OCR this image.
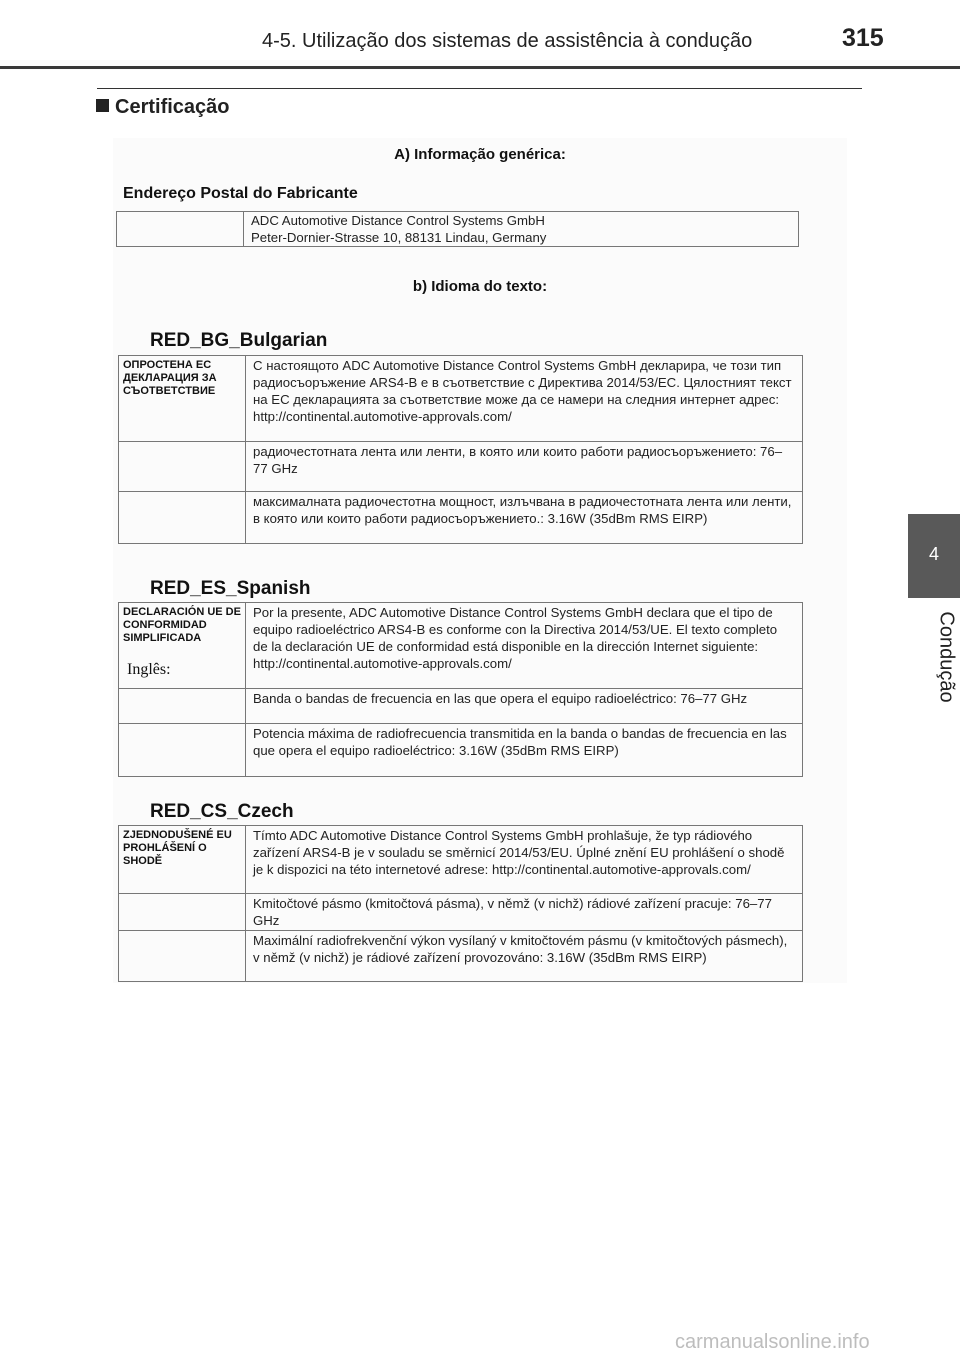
4-5. Utilização dos sistemas de assistência à condução	315
4
Condução
Certificação
A) Informação genérica:
Endereço Postal do Fabricante

ADC Automotive Distance Control Systems GmbH
Peter-Dornier-Strasse 10, 88131 Lindau, Germany
b) Idioma do texto:
RED_BG_Bulgarian
ОПРОСТЕНА ЕС ДЕКЛАРАЦИЯ ЗА СЪОТВЕТСТВИЕ	С настоящото ADC Automotive Distance Control Systems GmbH декларира, че този тип радиосъоръжение ARS4-B е в съответствие с Директива 2014/53/ЕС. Цялостният текст на ЕС декларацията за съответствие може да се намери на следния интернет адрес: http://continental.automotive-approvals.com/
	радиочестотната лента или ленти, в която или които работи радиосъоръжението: 76–77 GHz
	максималната радиочестотна мощност, излъчвана в радиочестотната лента или ленти, в която или които работи радиосъоръжението.: 3.16W (35dBm RMS EIRP)
RED_ES_Spanish
DECLARACIÓN UE DE CONFORMIDAD SIMPLIFICADA	Por la presente, ADC Automotive Distance Control Systems GmbH declara que el tipo de equipo radioeléctrico ARS4-B es conforme con la Directiva 2014/53/UE. El texto completo de la declaración UE de conformidad está disponible en la dirección Internet siguiente: http://continental.automotive-approvals.com/
	Banda o bandas de frecuencia en las que opera el equipo radioeléctrico: 76–77 GHz
	Potencia máxima de radiofrecuencia transmitida en la banda o bandas de frecuencia en las que opera el equipo radioeléctrico: 3.16W (35dBm RMS EIRP)
Inglês:
RED_CS_Czech
ZJEDNODUŠENÉ EU PROHLÁŠENÍ O SHODĚ	Tímto ADC Automotive Distance Control Systems GmbH prohlašuje, že typ rádiového zařízení ARS4-B je v souladu se směrnicí 2014/53/EU. Úplné znění EU prohlášení o shodě je k dispozici na této internetové adrese: http://continental.automotive-approvals.com/
	Kmitočtové pásmo (kmitočtová pásma), v němž (v nichž) rádiové zařízení pracuje: 76–77 GHz
	Maximální radiofrekvenční výkon vysílaný v kmitočtovém pásmu (v kmitočtových pásmech), v němž (v nichž) je rádiové zařízení provozováno: 3.16W (35dBm RMS EIRP)
carmanualsonline.info
